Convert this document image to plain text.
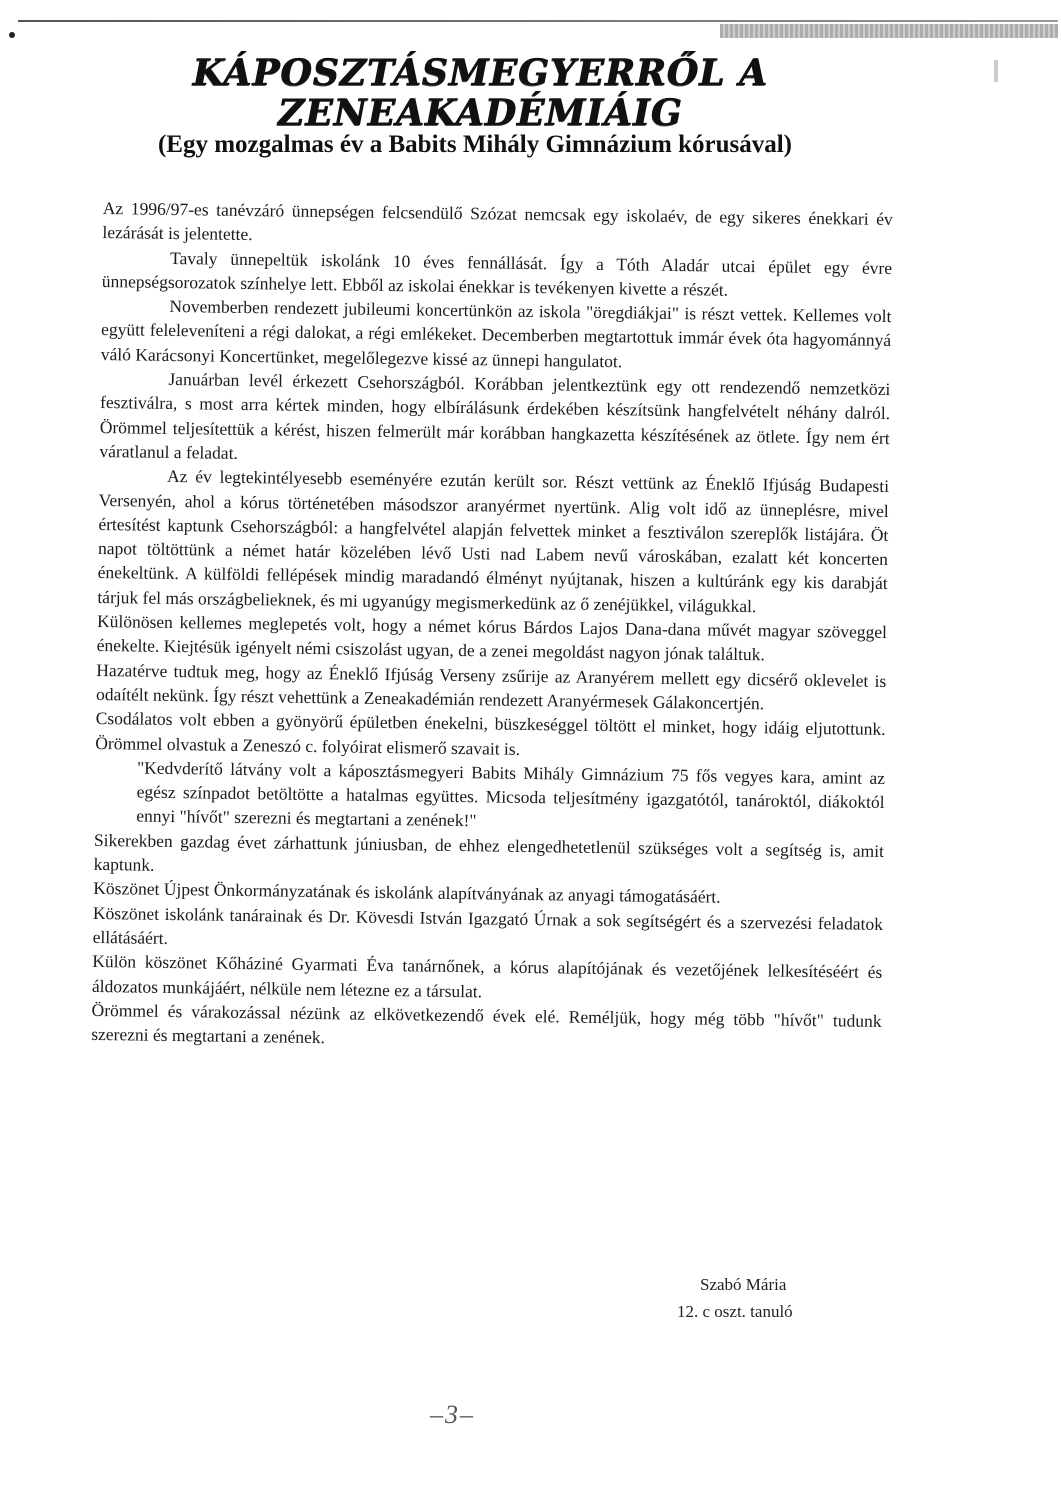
KÁPOSZTÁSMEGYERRŐL A
ZENEAKADÉMIÁIG
(Egy mozgalmas év a Babits Mihály Gimnázium kórusával)

Az 1996/97-es tanévzáró ünnepségen felcsendülő Szózat nemcsak egy iskolaév, de egy sikeres énekkari év lezárását is jelentette.

Tavaly ünnepeltük iskolánk 10 éves fennállását. Így a Tóth Aladár utcai épület egy évre ünnepségsorozatok színhelye lett. Ebből az iskolai énekkar is tevékenyen kivette a részét.

Novemberben rendezett jubileumi koncertünkön az iskola "öregdiákjai" is részt vettek. Kellemes volt együtt feleleveníteni a régi dalokat, a régi emlékeket. Decemberben megtartottuk immár évek óta hagyománnyá váló Karácsonyi Koncertünket, megelőlegezve kissé az ünnepi hangulatot.

Januárban levél érkezett Csehországból. Korábban jelentkeztünk egy ott rendezendő nemzetközi fesztiválra, s most arra kértek minden, hogy elbírálásunk érdekében készítsünk hangfelvételt néhány dalról. Örömmel teljesítettük a kérést, hiszen felmerült már korábban hangkazetta készítésének az ötlete. Így nem ért váratlanul a feladat.

Az év legtekintélyesebb eseményére ezután került sor. Részt vettünk az Éneklő Ifjúság Budapesti Versenyén, ahol a kórus történetében másodszor aranyérmet nyertünk. Alig volt idő az ünneplésre, mivel értesítést kaptunk Csehországból: a hangfelvétel alapján felvettek minket a fesztiválon szereplők listájára. Öt napot töltöttünk a német határ közelében lévő Usti nad Labem nevű városkában, ezalatt két koncerten énekeltünk. A külföldi fellépések mindig maradandó élményt nyújtanak, hiszen a kultúránk egy kis darabját tárjuk fel más országbelieknek, és mi ugyanúgy megismerkedünk az ő zenéjükkel, világukkal.

Különösen kellemes meglepetés volt, hogy a német kórus Bárdos Lajos Dana-dana művét magyar szöveggel énekelte. Kiejtésük igényelt némi csiszolást ugyan, de a zenei megoldást nagyon jónak találtuk.

Hazatérve tudtuk meg, hogy az Éneklő Ifjúság Verseny zsűrije az Aranyérem mellett egy dicsérő oklevelet is odaítélt nekünk. Így részt vehettünk a Zeneakadémián rendezett Aranyérmesek Gálakoncertjén.

Csodálatos volt ebben a gyönyörű épületben énekelni, büszkeséggel töltött el minket, hogy idáig eljutottunk. Örömmel olvastuk a Zeneszó c. folyóirat elismerő szavait is.

"Kedvderítő látvány volt a káposztásmegyeri Babits Mihály Gimnázium 75 fős vegyes kara, amint az egész színpadot betöltötte a hatalmas együttes. Micsoda teljesítmény igazgatótól, tanároktól, diákoktól ennyi "hívőt" szerezni és megtartani a zenének!"

Sikerekben gazdag évet zárhattunk júniusban, de ehhez elengedhetetlenül szükséges volt a segítség is, amit kaptunk.

Köszönet Újpest Önkormányzatának és iskolánk alapítványának az anyagi támogatásáért.

Köszönet iskolánk tanárainak és Dr. Kövesdi István Igazgató Úrnak a sok segítségért és a szervezési feladatok ellátásáért.

Külön köszönet Kőháziné Gyarmati Éva tanárnőnek, a kórus alapítójának és vezetőjének lelkesítéséért és áldozatos munkájáért, nélküle nem létezne ez a társulat.

Örömmel és várakozással nézünk az elkövetkezendő évek elé. Reméljük, hogy még több "hívőt" tudunk szerezni és megtartani a zenének.

Szabó Mária
12. c oszt. tanuló
–3–
